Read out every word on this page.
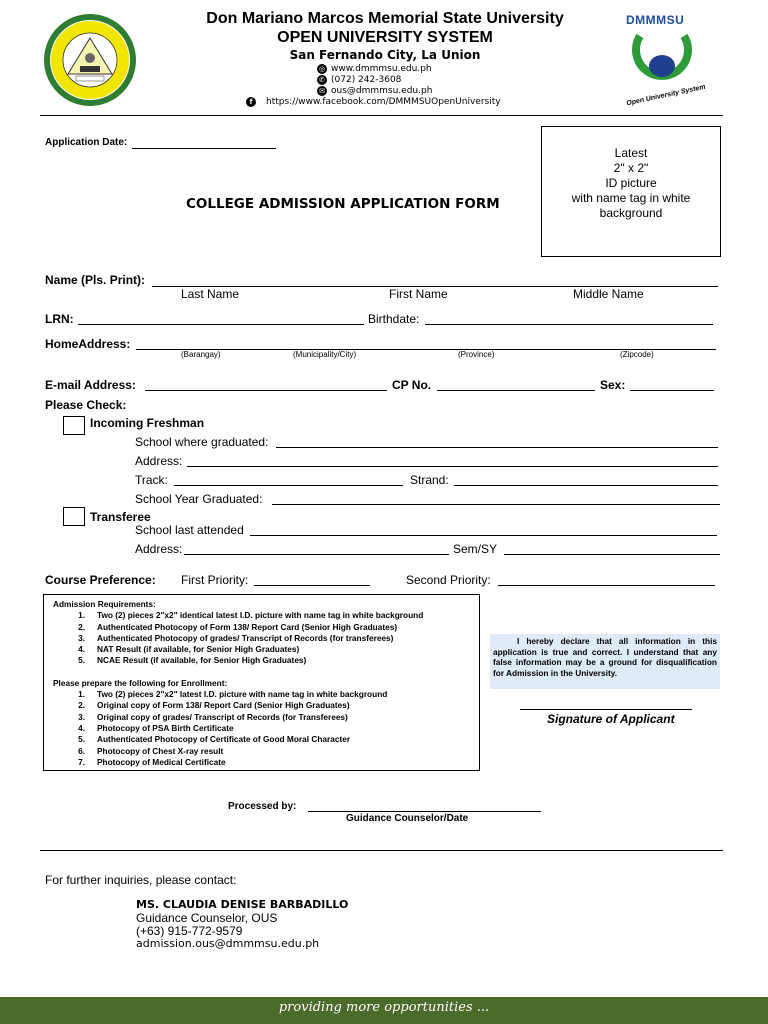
Don Mariano Marcos Memorial State University
OPEN UNIVERSITY SYSTEM
San Fernando City, La Union
◎ www.dmmmsu.edu.ph
✆ (072) 242-3608
✉ ous@dmmmsu.edu.ph
f	https://www.facebook.com/DMMMSUOpenUniversity
DMMMSU
Open University System
Application Date:
COLLEGE ADMISSION APPLICATION FORM
Latest
2" x 2"
ID picture
with name tag in white
background
Name (Pls. Print):
Last Name	First Name	Middle Name
LRN:	Birthdate:
HomeAddress:
(Barangay)	(Municipality/City)	(Province)	(Zipcode)
E-mail Address:	CP No.	Sex:
Please Check:
Incoming Freshman
School where graduated:
Address:
Track:	Strand:
School Year Graduated:
Transferee
School last attended
Address:	Sem/SY
Course Preference: First Priority:	Second Priority:
Admission Requirements:
1.	Two (2) pieces 2"x2" identical latest I.D. picture with name tag in white background
2.	Authenticated Photocopy of Form 138/ Report Card (Senior High Graduates)
3.	Authenticated Photocopy of grades/ Transcript of Records (for transferees)
4.	NAT Result (if available, for Senior High Graduates)
5.	NCAE Result (if available, for Senior High Graduates)
Please prepare the following for Enrollment:
1.	Two (2) pieces 2"x2" latest I.D. picture with name tag in white background
2.	Original copy of Form 138/ Report Card (Senior High Graduates)
3.	Original copy of grades/ Transcript of Records (for Transferees)
4.	Photocopy of PSA Birth Certificate
5.	Authenticated Photocopy of Certificate of Good Moral Character
6.	Photocopy of Chest X-ray result
7.	Photocopy of Medical Certificate
I hereby declare that all information in this application is true and correct. I understand that any false information may be a ground for disqualification for Admission in the University.
Signature of Applicant
Processed by:
Guidance Counselor/Date
For further inquiries, please contact:
MS. CLAUDIA DENISE BARBADILLO
Guidance Counselor, OUS
(+63) 915-772-9579
admission.ous@dmmmsu.edu.ph
providing more opportunities ...
